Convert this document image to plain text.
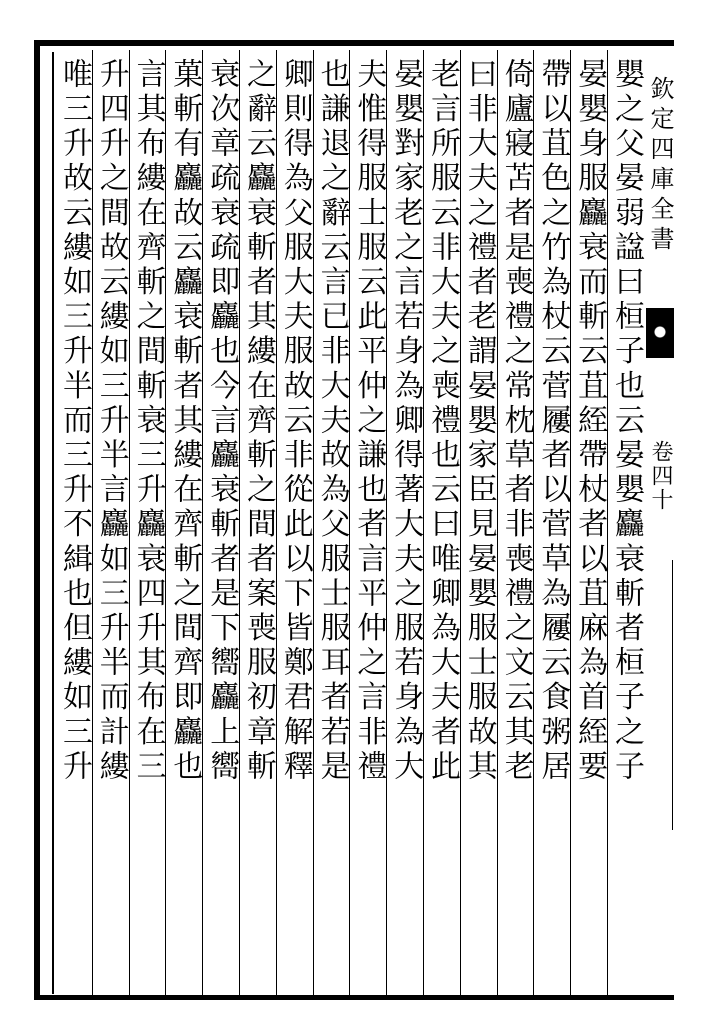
欽定四庫全書
卷四十
嬰之父晏弱諡曰桓子也云晏嬰麤衰斬者桓子之子
晏嬰身服麤衰而斬云苴絰帶杖者以苴麻為首絰要
帶以苴色之竹為杖云菅屨者以菅草為屨云食粥居
倚廬寢苫者是喪禮之常枕草者非喪禮之文云其老
曰非大夫之禮者老謂晏嬰家臣見晏嬰服士服故其
老言所服云非大夫之喪禮也云曰唯卿為大夫者此
晏嬰對家老之言若身為卿得著大夫之服若身為大
夫惟得服士服云此平仲之謙也者言平仲之言非禮
也謙退之辭云言已非大夫故為父服士服耳者若是
卿則得為父服大夫服故云非從此以下皆鄭君解釋
之辭云麤衰斬者其縷在齊斬之間者案喪服初章斬
衰次章疏衰疏即麤也今言麤衰斬者是下嚮麤上嚮
菓斬有麤故云麤衰斬者其縷在齊斬之間齊即麤也
言其布縷在齊斬之間斬衰三升麤衰四升其布在三
升四升之間故云縷如三升半言麤如三升半而計縷
唯三升故云縷如三升半而三升不緝也但縷如三升
